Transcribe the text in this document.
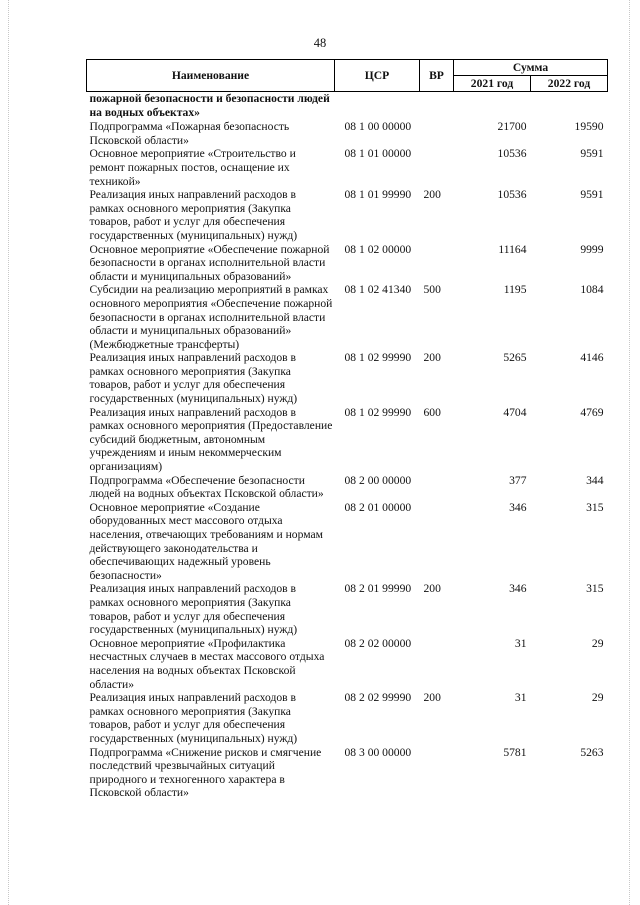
48
Наименование	ЦСР	ВР	Сумма	
			2021 год	2022 год
пожарной безопасности и безопасности людей на водных объектах»				
Подпрограмма «Пожарная безопасность Псковской области»	08 1 00 00000		21700	19590
Основное мероприятие «Строительство и ремонт пожарных постов, оснащение их техникой»	08 1 01 00000		10536	9591
Реализация иных направлений расходов в рамках основного мероприятия (Закупка товаров, работ и услуг для обеспечения государственных (муниципальных) нужд)	08 1 01 99990	200	10536	9591
Основное мероприятие «Обеспечение пожарной безопасности в органах исполнительной власти области и муниципальных образований»	08 1 02 00000		11164	9999
Субсидии на реализацию мероприятий в рамках основного мероприятия «Обеспечение пожарной безопасности в органах исполнительной власти области и муниципальных образований» (Межбюджетные трансферты)	08 1 02 41340	500	1195	1084
Реализация иных направлений расходов в рамках основного мероприятия (Закупка товаров, работ и услуг для обеспечения государственных (муниципальных) нужд)	08 1 02 99990	200	5265	4146
Реализация иных направлений расходов в рамках основного мероприятия (Предоставление субсидий бюджетным, автономным учреждениям и иным некоммерческим организациям)	08 1 02 99990	600	4704	4769
Подпрограмма «Обеспечение безопасности людей на водных объектах Псковской области»	08 2 00 00000		377	344
Основное мероприятие «Создание оборудованных мест массового отдыха населения, отвечающих требованиям и нормам действующего законодательства и обеспечивающих надежный уровень безопасности»	08 2 01 00000		346	315
Реализация иных направлений расходов в рамках основного мероприятия (Закупка товаров, работ и услуг для обеспечения государственных (муниципальных) нужд)	08 2 01 99990	200	346	315
Основное мероприятие «Профилактика несчастных случаев в местах массового отдыха населения на водных объектах Псковской области»	08 2 02 00000		31	29
Реализация иных направлений расходов в рамках основного мероприятия (Закупка товаров, работ и услуг для обеспечения государственных (муниципальных) нужд)	08 2 02 99990	200	31	29
Подпрограмма «Снижение рисков и смягчение последствий чрезвычайных ситуаций природного и техногенного характера в Псковской области»	08 3 00 00000		5781	5263
